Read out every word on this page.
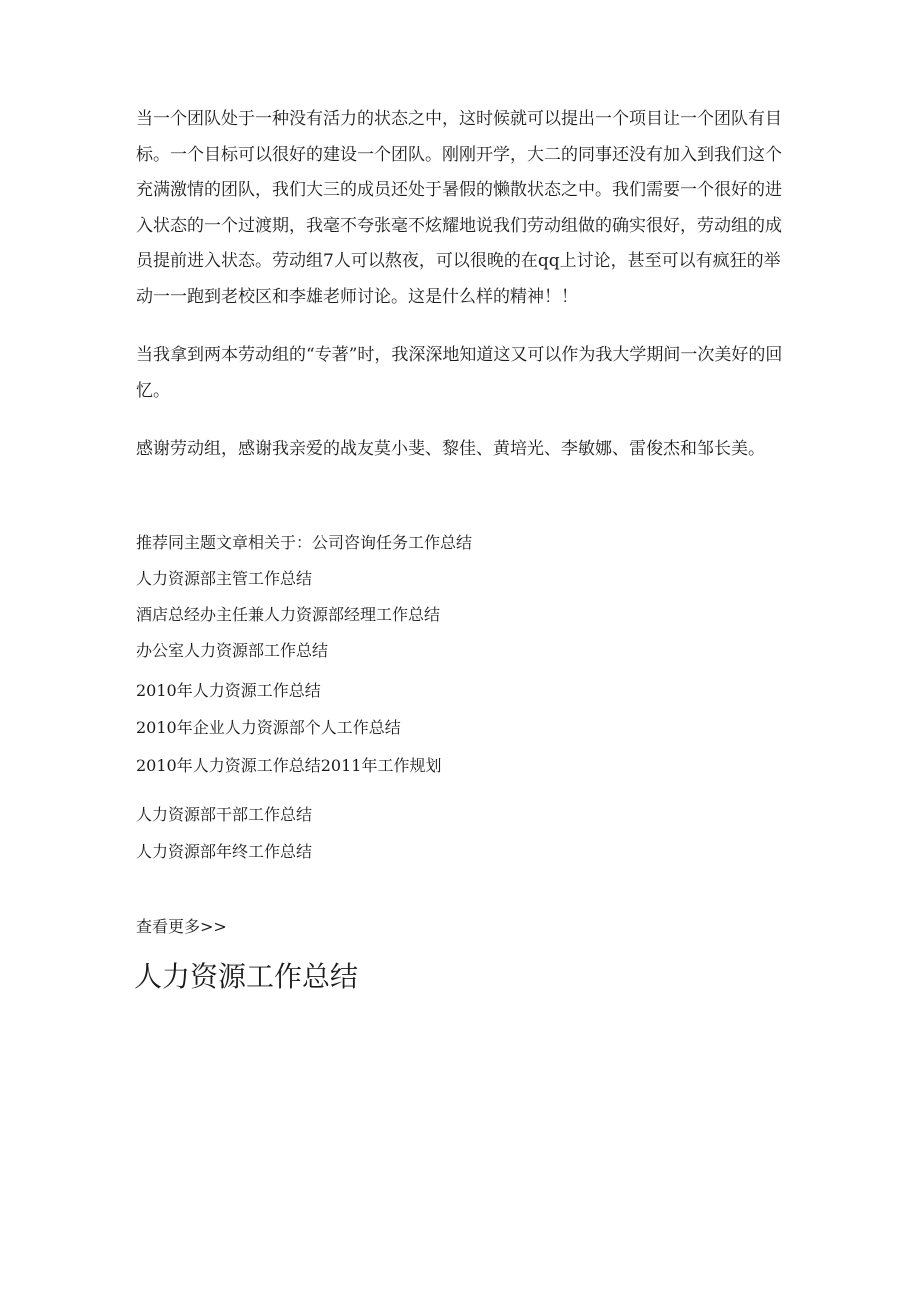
当一个团队处于一种没有活力的状态之中，这时候就可以提出一个项目让一个团队有目标。一个目标可以很好的建设一个团队。刚刚开学，大二的同事还没有加入到我们这个充满激情的团队，我们大三的成员还处于暑假的懒散状态之中。我们需要一个很好的进入状态的一个过渡期，我毫不夸张毫不炫耀地说我们劳动组做的确实很好，劳动组的成员提前进入状态。劳动组7人可以熬夜，可以很晚的在qq上讨论，甚至可以有疯狂的举动一一跑到老校区和李雄老师讨论。这是什么样的精神！！

当我拿到两本劳动组的“专著”时，我深深地知道这又可以作为我大学期间一次美好的回忆。

感谢劳动组，感谢我亲爱的战友莫小斐、黎佳、黄培光、李敏娜、雷俊杰和邹长美。

推荐同主题文章相关于：公司咨询任务工作总结
人力资源部主管工作总结
酒店总经办主任兼人力资源部经理工作总结
办公室人力资源部工作总结
2010年人力资源工作总结
2010年企业人力资源部个人工作总结
2010年人力资源工作总结2011年工作规划
人力资源部干部工作总结
人力资源部年终工作总结
查看更多>>
人力资源工作总结
